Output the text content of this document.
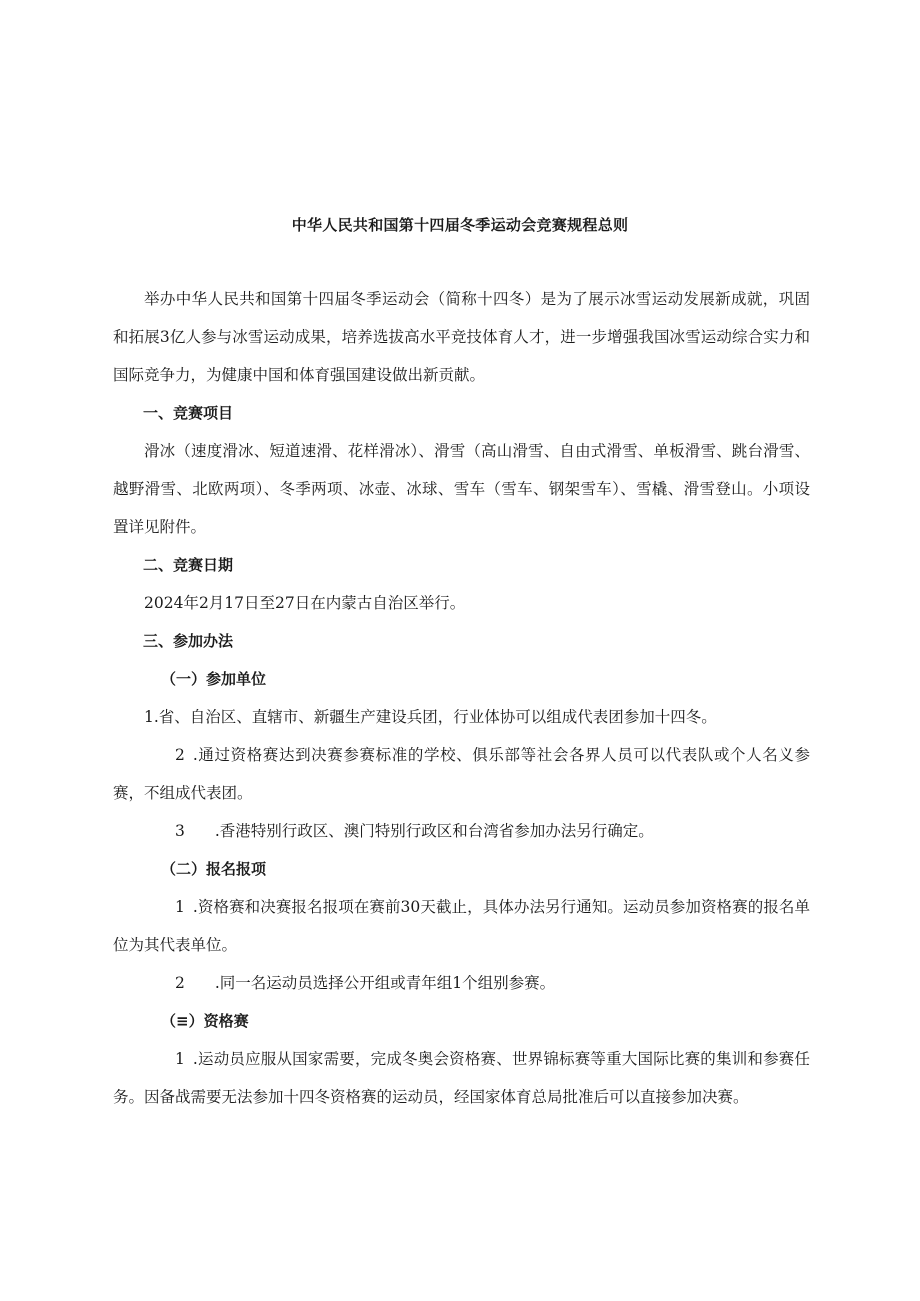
中华人民共和国第十四届冬季运动会竞赛规程总则

举办中华人民共和国第十四届冬季运动会（简称十四冬）是为了展示冰雪运动发展新成就，巩固和拓展3亿人参与冰雪运动成果，培养选拔高水平竞技体育人才，进一步增强我国冰雪运动综合实力和国际竞争力，为健康中国和体育强国建设做出新贡献。

一、竞赛项目

滑冰（速度滑冰、短道速滑、花样滑冰）、滑雪（高山滑雪、自由式滑雪、单板滑雪、跳台滑雪、越野滑雪、北欧两项）、冬季两项、冰壶、冰球、雪车（雪车、钢架雪车）、雪橇、滑雪登山。小项设置详见附件。

二、竞赛日期

2024年2月17日至27日在内蒙古自治区举行。

三、参加办法

（一）参加单位

1.省、自治区、直辖市、新疆生产建设兵团，行业体协可以组成代表团参加十四冬。

2 .通过资格赛达到决赛参赛标准的学校、俱乐部等社会各界人员可以代表队或个人名义参赛，不组成代表团。

3 .香港特别行政区、澳门特别行政区和台湾省参加办法另行确定。

（二）报名报项

1 .资格赛和决赛报名报项在赛前30天截止，具体办法另行通知。运动员参加资格赛的报名单位为其代表单位。

2 .同一名运动员选择公开组或青年组1个组别参赛。

（≡）资格赛

1 .运动员应服从国家需要，完成冬奥会资格赛、世界锦标赛等重大国际比赛的集训和参赛任务。因备战需要无法参加十四冬资格赛的运动员，经国家体育总局批准后可以直接参加决赛。
